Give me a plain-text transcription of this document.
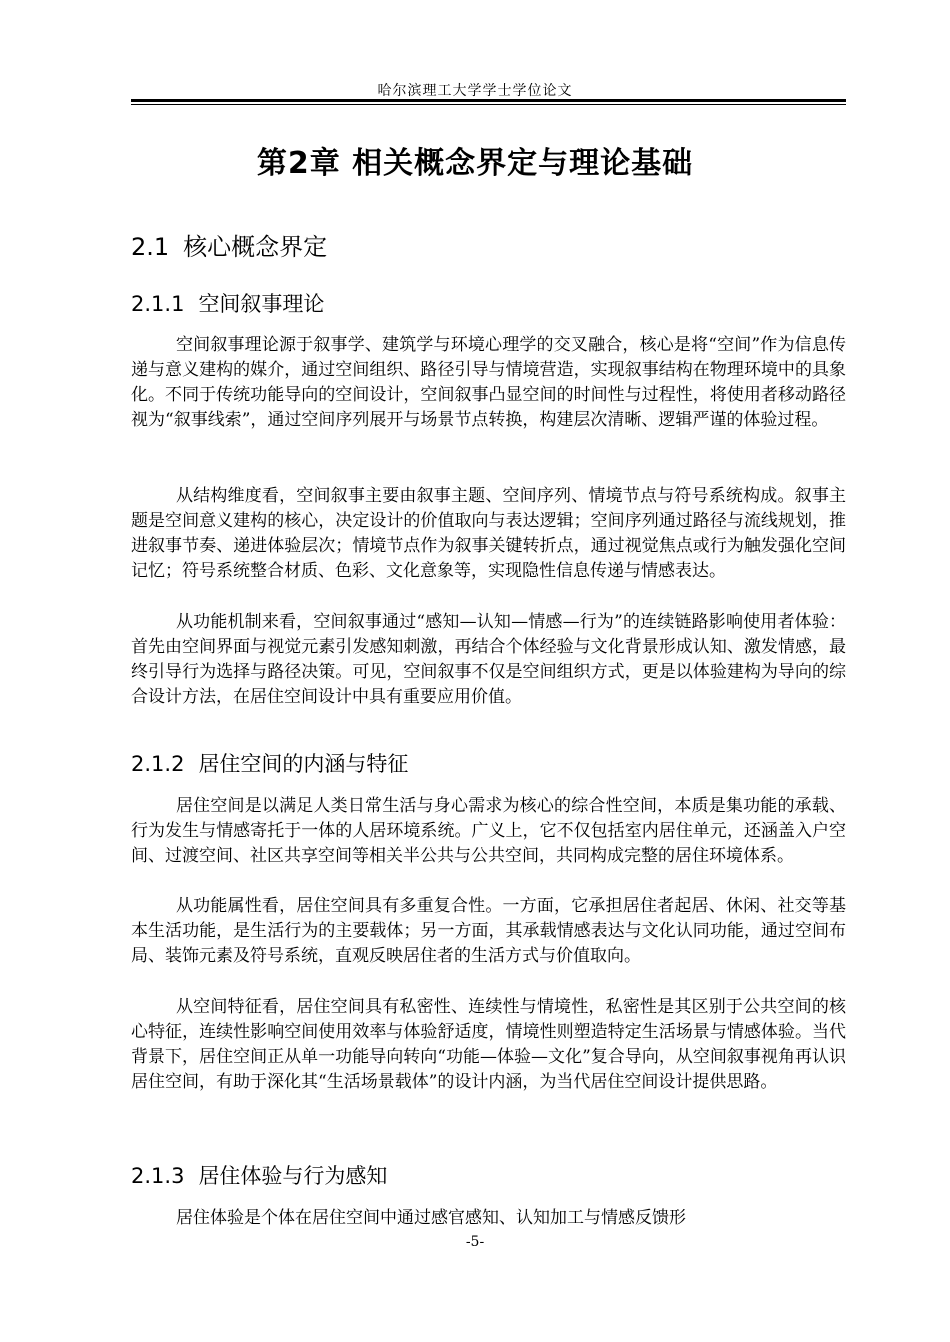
哈尔滨理工大学学士学位论文
第2章 相关概念界定与理论基础
2.1 核心概念界定
2.1.1 空间叙事理论

空间叙事理论源于叙事学、建筑学与环境心理学的交叉融合，核心是将“空间”作为信息传递与意义建构的媒介，通过空间组织、路径引导与情境营造，实现叙事结构在物理环境中的具象化。不同于传统功能导向的空间设计，空间叙事凸显空间的时间性与过程性，将使用者移动路径视为“叙事线索”，通过空间序列展开与场景节点转换，构建层次清晰、逻辑严谨的体验过程。

从结构维度看，空间叙事主要由叙事主题、空间序列、情境节点与符号系统构成。叙事主题是空间意义建构的核心，决定设计的价值取向与表达逻辑；空间序列通过路径与流线规划，推进叙事节奏、递进体验层次；情境节点作为叙事关键转折点，通过视觉焦点或行为触发强化空间记忆；符号系统整合材质、色彩、文化意象等，实现隐性信息传递与情感表达。

从功能机制来看，空间叙事通过“感知—认知—情感—行为”的连续链路影响使用者体验：首先由空间界面与视觉元素引发感知刺激，再结合个体经验与文化背景形成认知、激发情感，最终引导行为选择与路径决策。可见，空间叙事不仅是空间组织方式，更是以体验建构为导向的综合设计方法，在居住空间设计中具有重要应用价值。

2.1.2 居住空间的内涵与特征

居住空间是以满足人类日常生活与身心需求为核心的综合性空间，本质是集功能的承载、行为发生与情感寄托于一体的人居环境系统。广义上，它不仅包括室内居住单元，还涵盖入户空间、过渡空间、社区共享空间等相关半公共与公共空间，共同构成完整的居住环境体系。

从功能属性看，居住空间具有多重复合性。一方面，它承担居住者起居、休闲、社交等基本生活功能，是生活行为的主要载体；另一方面，其承载情感表达与文化认同功能，通过空间布局、装饰元素及符号系统，直观反映居住者的生活方式与价值取向。

从空间特征看，居住空间具有私密性、连续性与情境性，私密性是其区别于公共空间的核心特征，连续性影响空间使用效率与体验舒适度，情境性则塑造特定生活场景与情感体验。当代背景下，居住空间正从单一功能导向转向“功能—体验—文化”复合导向，从空间叙事视角再认识居住空间，有助于深化其“生活场景载体”的设计内涵，为当代居住空间设计提供思路。

2.1.3 居住体验与行为感知

居住体验是个体在居住空间中通过感官感知、认知加工与情感反馈形

-5-
